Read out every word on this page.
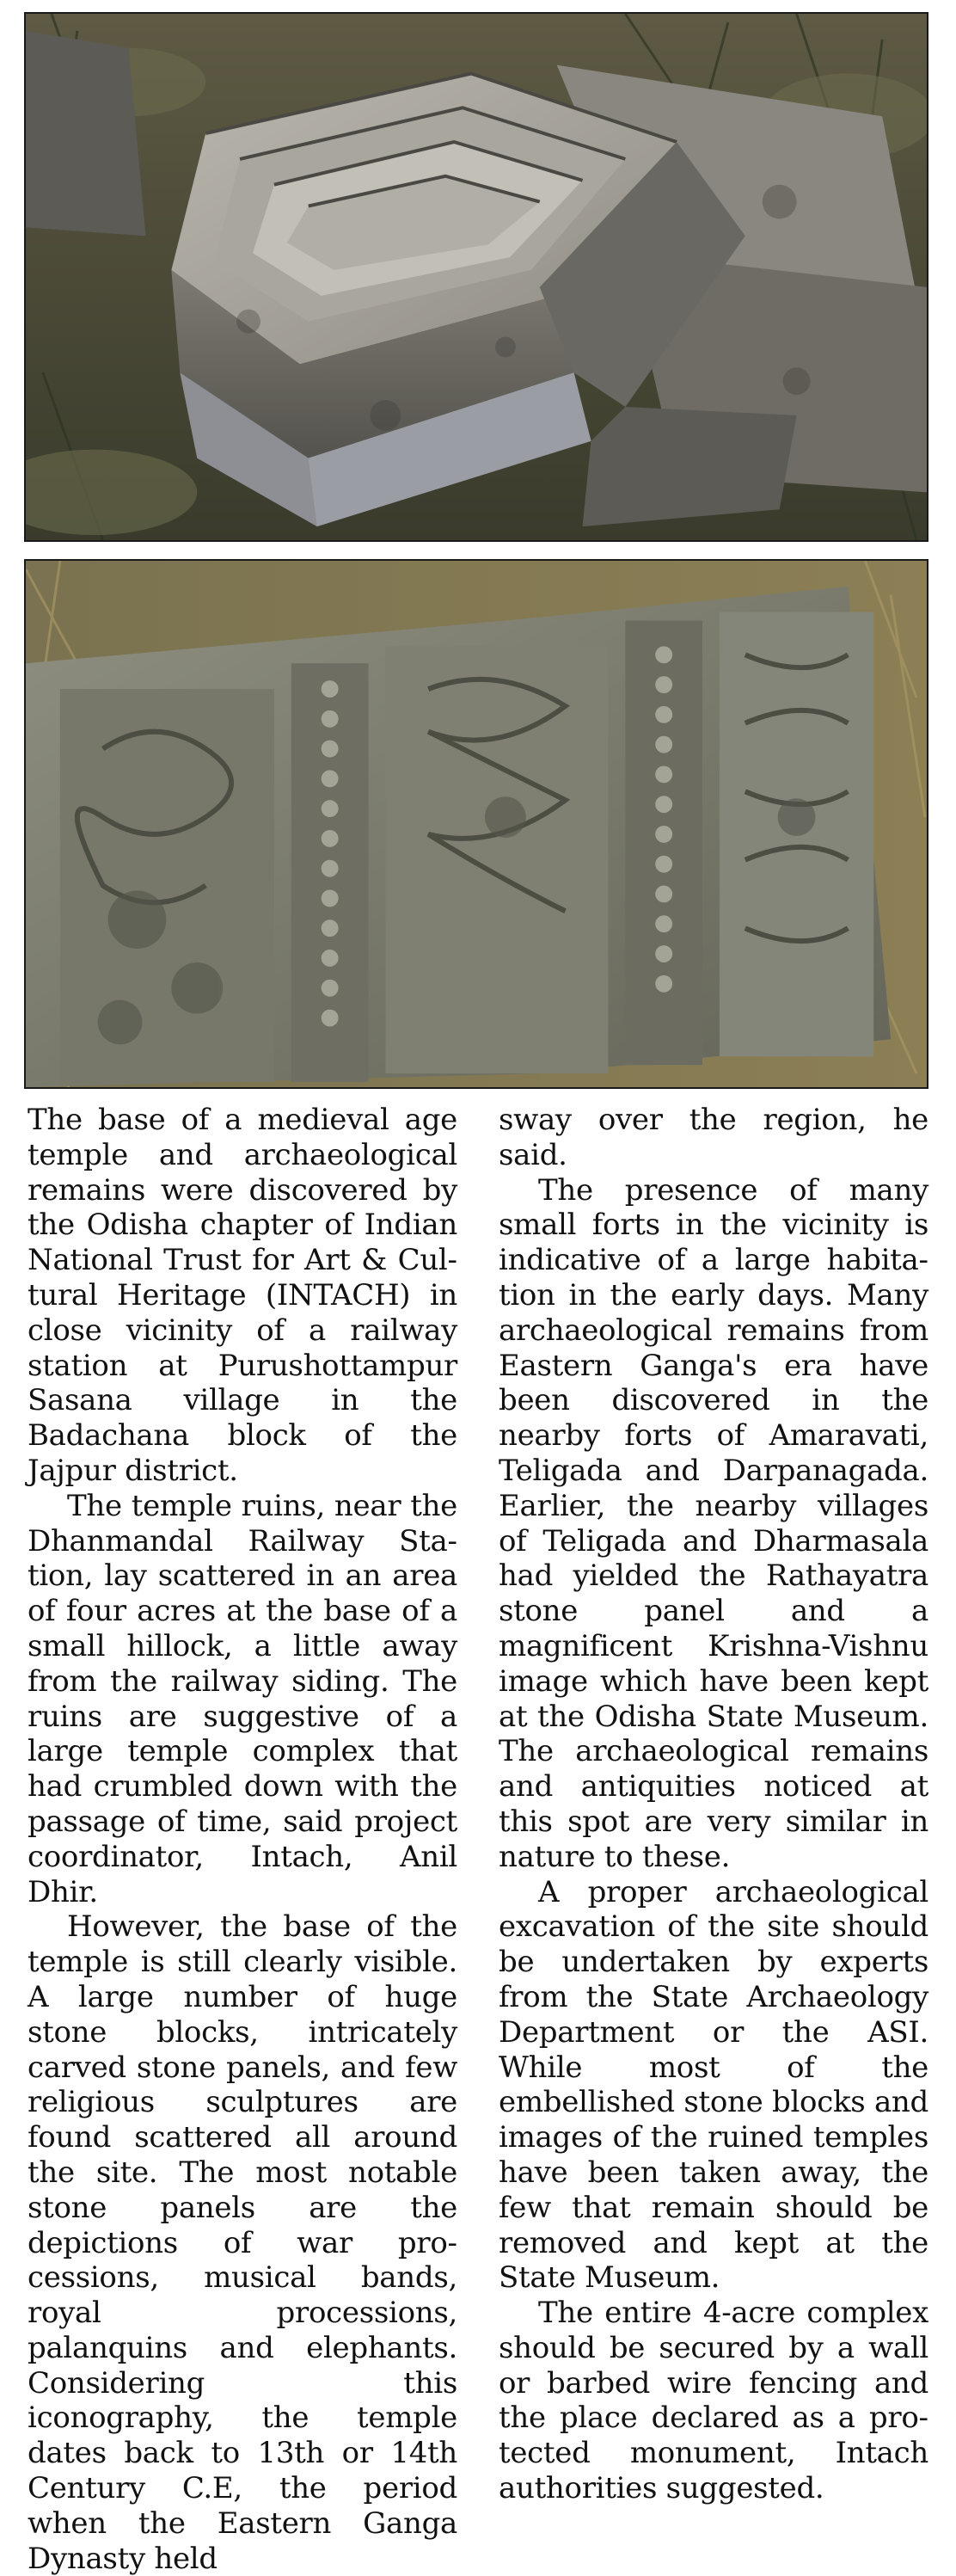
The base of a medieval age temple and archaeological remains were discovered by the Odisha chapter of Indian National Trust for Art & Cultural Heritage (INTACH) in close vicinity of a railway station at Purushottampur Sasana village in the Badachana block of the Jajpur district.

The temple ruins, near the Dhanmandal Railway Station, lay scattered in an area of four acres at the base of a small hillock, a little away from the railway siding. The ruins are suggestive of a large temple complex that had crumbled down with the passage of time, said project coordinator, Intach, Anil Dhir.

However, the base of the temple is still clearly visible. A large number of huge stone blocks, intricately carved stone panels, and few religious sculptures are found scattered all around the site. The most notable stone panels are the depictions of war processions, musical bands, royal processions, palanquins and elephants. Considering this iconography, the temple dates back to 13th or 14th Century C.E, the period when the Eastern Ganga Dynasty held

sway over the region, he said.

The presence of many small forts in the vicinity is indicative of a large habitation in the early days. Many archaeological remains from Eastern Ganga's era have been discovered in the nearby forts of Amaravati, Teligada and Darpanagada. Earlier, the nearby villages of Teligada and Dharmasala had yielded the Rathayatra stone panel and a magnificent Krishna-Vishnu image which have been kept at the Odisha State Museum. The archaeological remains and antiquities noticed at this spot are very similar in nature to these.

A proper archaeological excavation of the site should be undertaken by experts from the State Archaeology Department or the ASI. While most of the embellished stone blocks and images of the ruined temples have been taken away, the few that remain should be removed and kept at the State Museum.

The entire 4-acre complex should be secured by a wall or barbed wire fencing and the place declared as a protected monument, Intach authorities suggested.
